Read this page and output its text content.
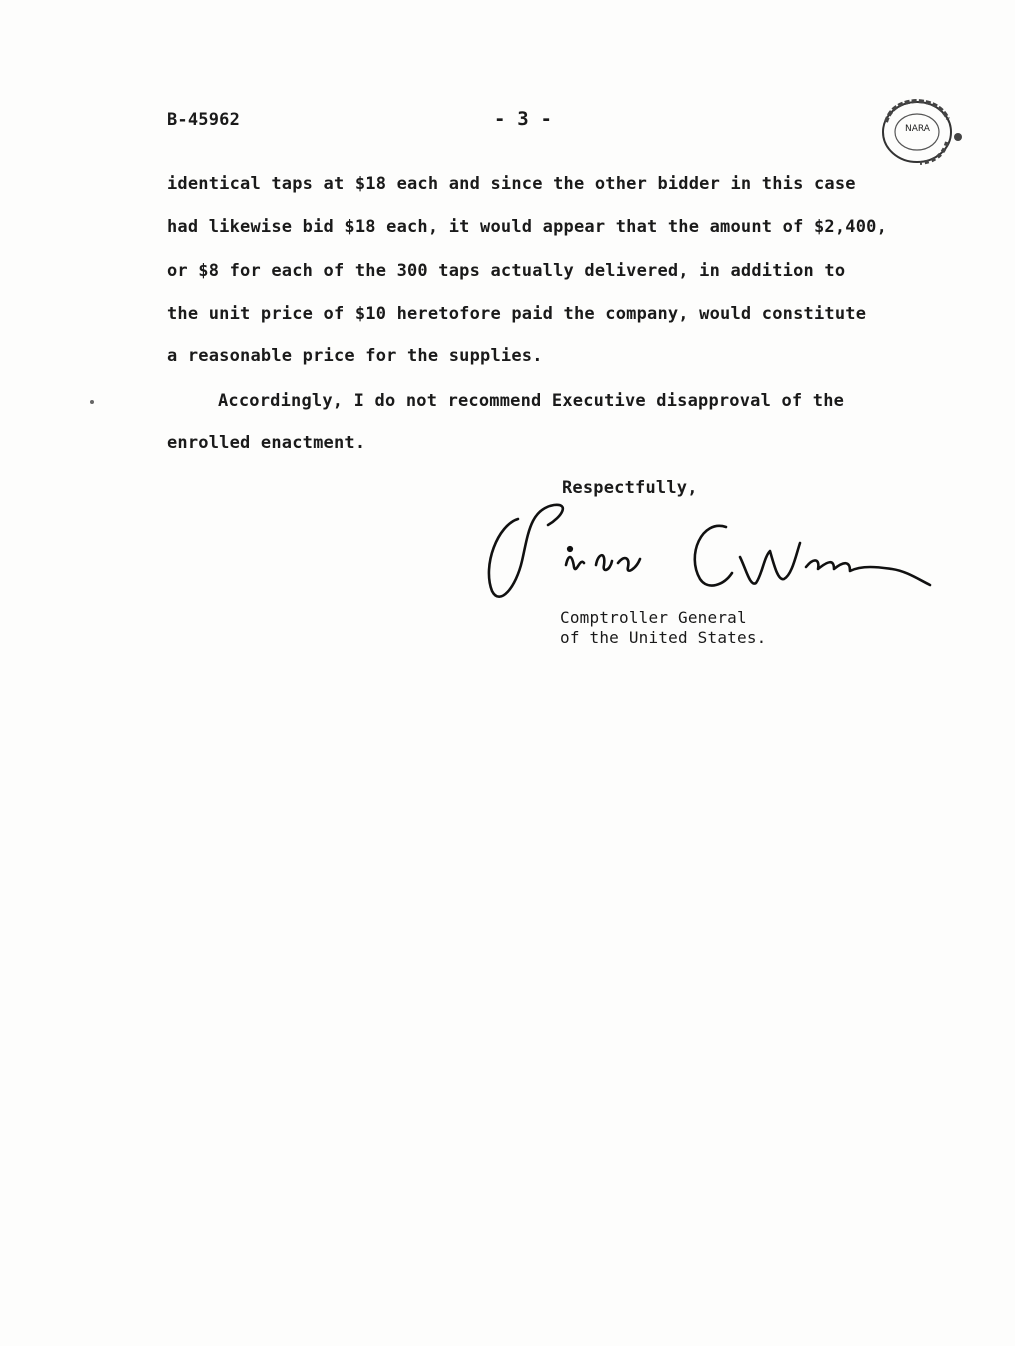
B-45962	- 3 -	NARA
identical taps at $18 each and since the other bidder in this case
had likewise bid $18 each, it would appear that the amount of $2,400,
or $8 for each of the 300 taps actually delivered, in addition to
the unit price of $10 heretofore paid the company, would constitute
a reasonable price for the supplies.
Accordingly, I do not recommend Executive disapproval of the
enrolled enactment.
Respectfully,
Comptroller General
of the United States.
